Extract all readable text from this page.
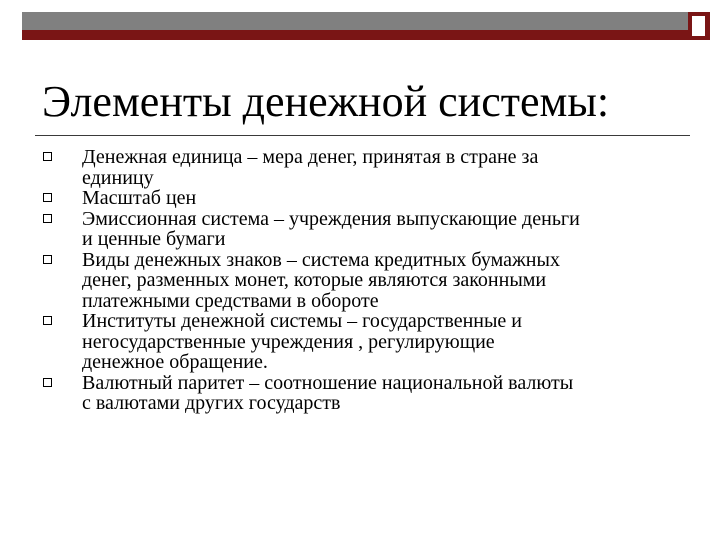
Элементы денежной системы:
Денежная единица – мера денег, принятая в стране за
единицу
Масштаб цен
Эмиссионная система – учреждения выпускающие деньги
и ценные бумаги
Виды денежных знаков – система кредитных бумажных
денег, разменных монет, которые являются законными
платежными средствами в обороте
Институты денежной системы – государственные и
негосударственные учреждения , регулирующие
денежное обращение.
Валютный паритет – соотношение национальной валюты
с валютами других государств
